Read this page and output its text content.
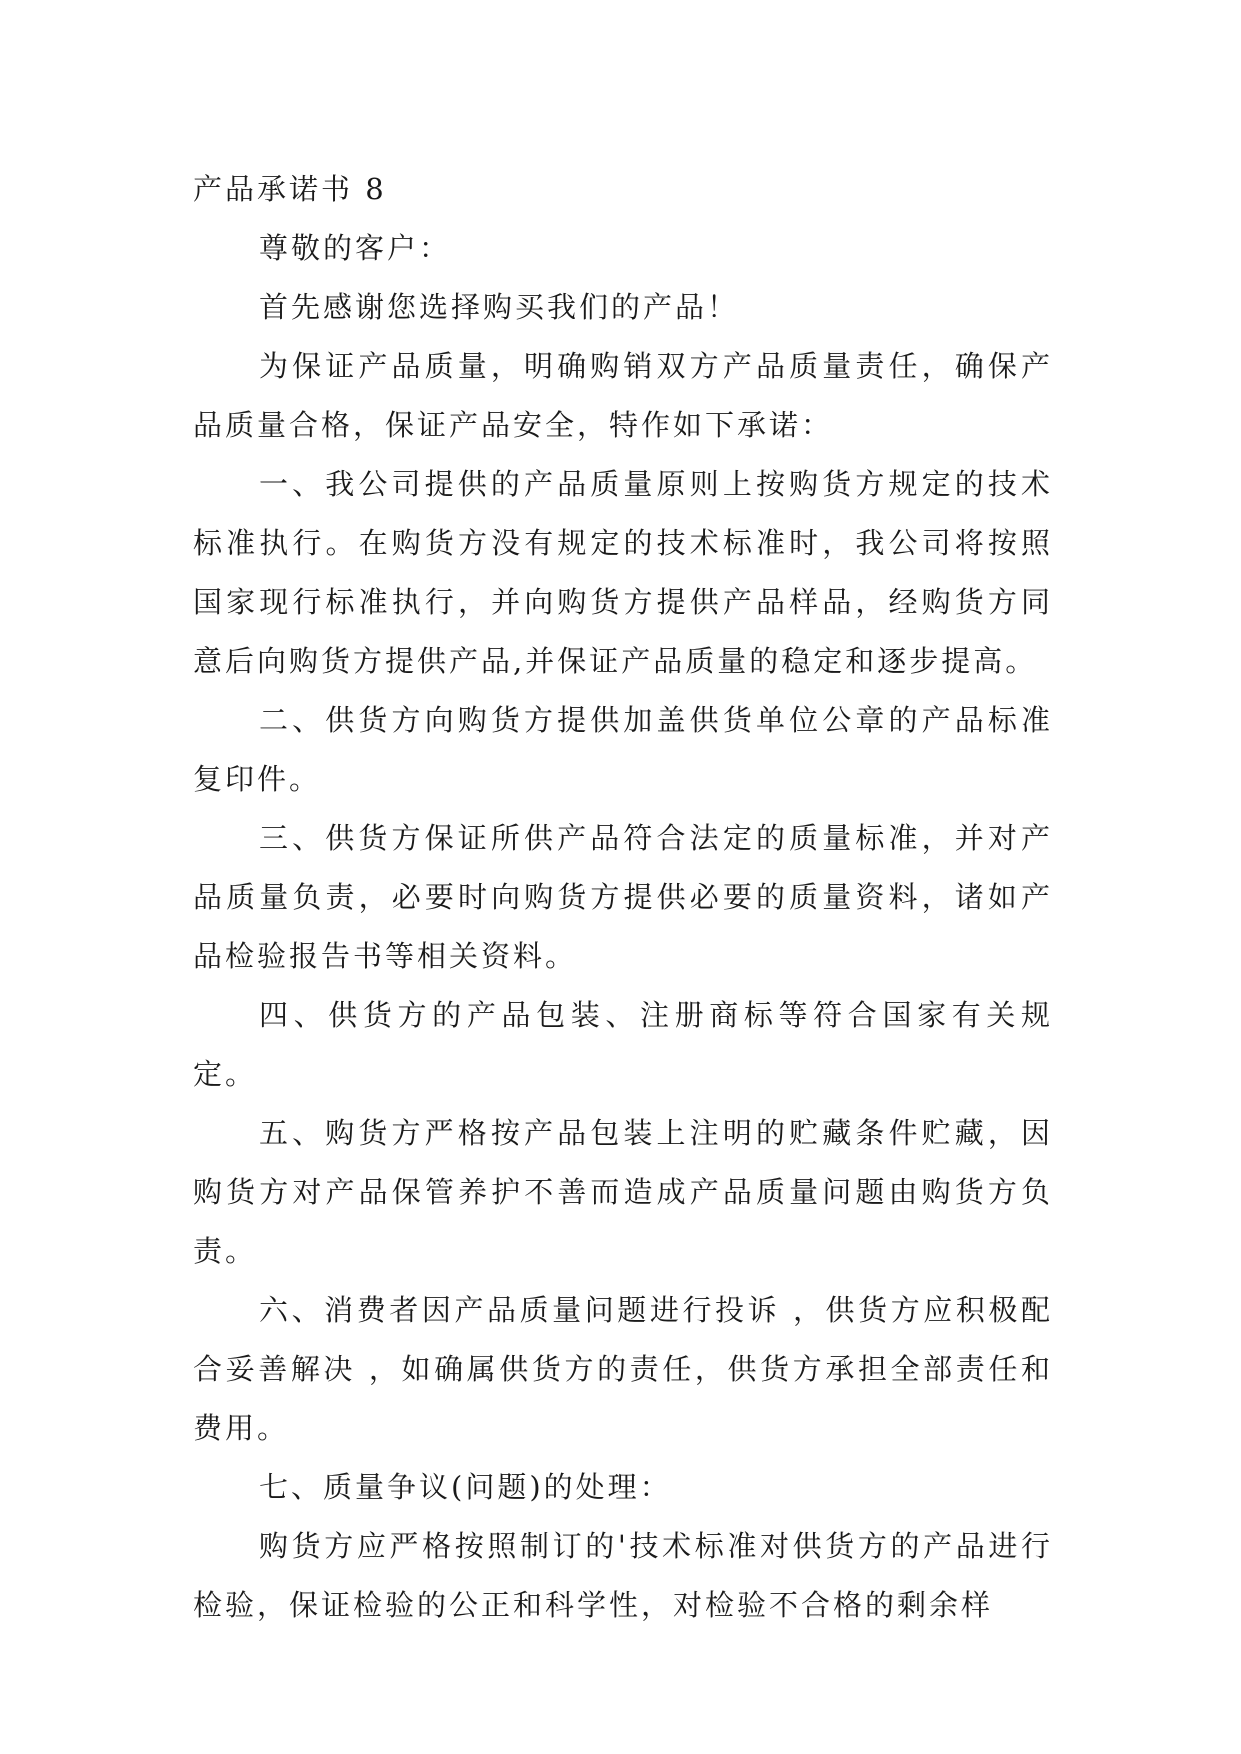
产品承诺书 8

尊敬的客户：

首先感谢您选择购买我们的产品！

为保证产品质量，明确购销双方产品质量责任，确保产品质量合格，保证产品安全，特作如下承诺：

一、我公司提供的产品质量原则上按购货方规定的技术标准执行。在购货方没有规定的技术标准时，我公司将按照国家现行标准执行，并向购货方提供产品样品，经购货方同意后向购货方提供产品,并保证产品质量的稳定和逐步提高。

二、供货方向购货方提供加盖供货单位公章的产品标准复印件。

三、供货方保证所供产品符合法定的质量标准，并对产品质量负责，必要时向购货方提供必要的质量资料，诸如产品检验报告书等相关资料。

四、供货方的产品包装、注册商标等符合国家有关规定。

五、购货方严格按产品包装上注明的贮藏条件贮藏，因购货方对产品保管养护不善而造成产品质量问题由购货方负责。

六、消费者因产品质量问题进行投诉 ，供货方应积极配合妥善解决 ，如确属供货方的责任，供货方承担全部责任和费用。

七、质量争议(问题)的处理：

购货方应严格按照制订的'技术标准对供货方的产品进行检验，保证检验的公正和科学性，对检验不合格的剩余样
